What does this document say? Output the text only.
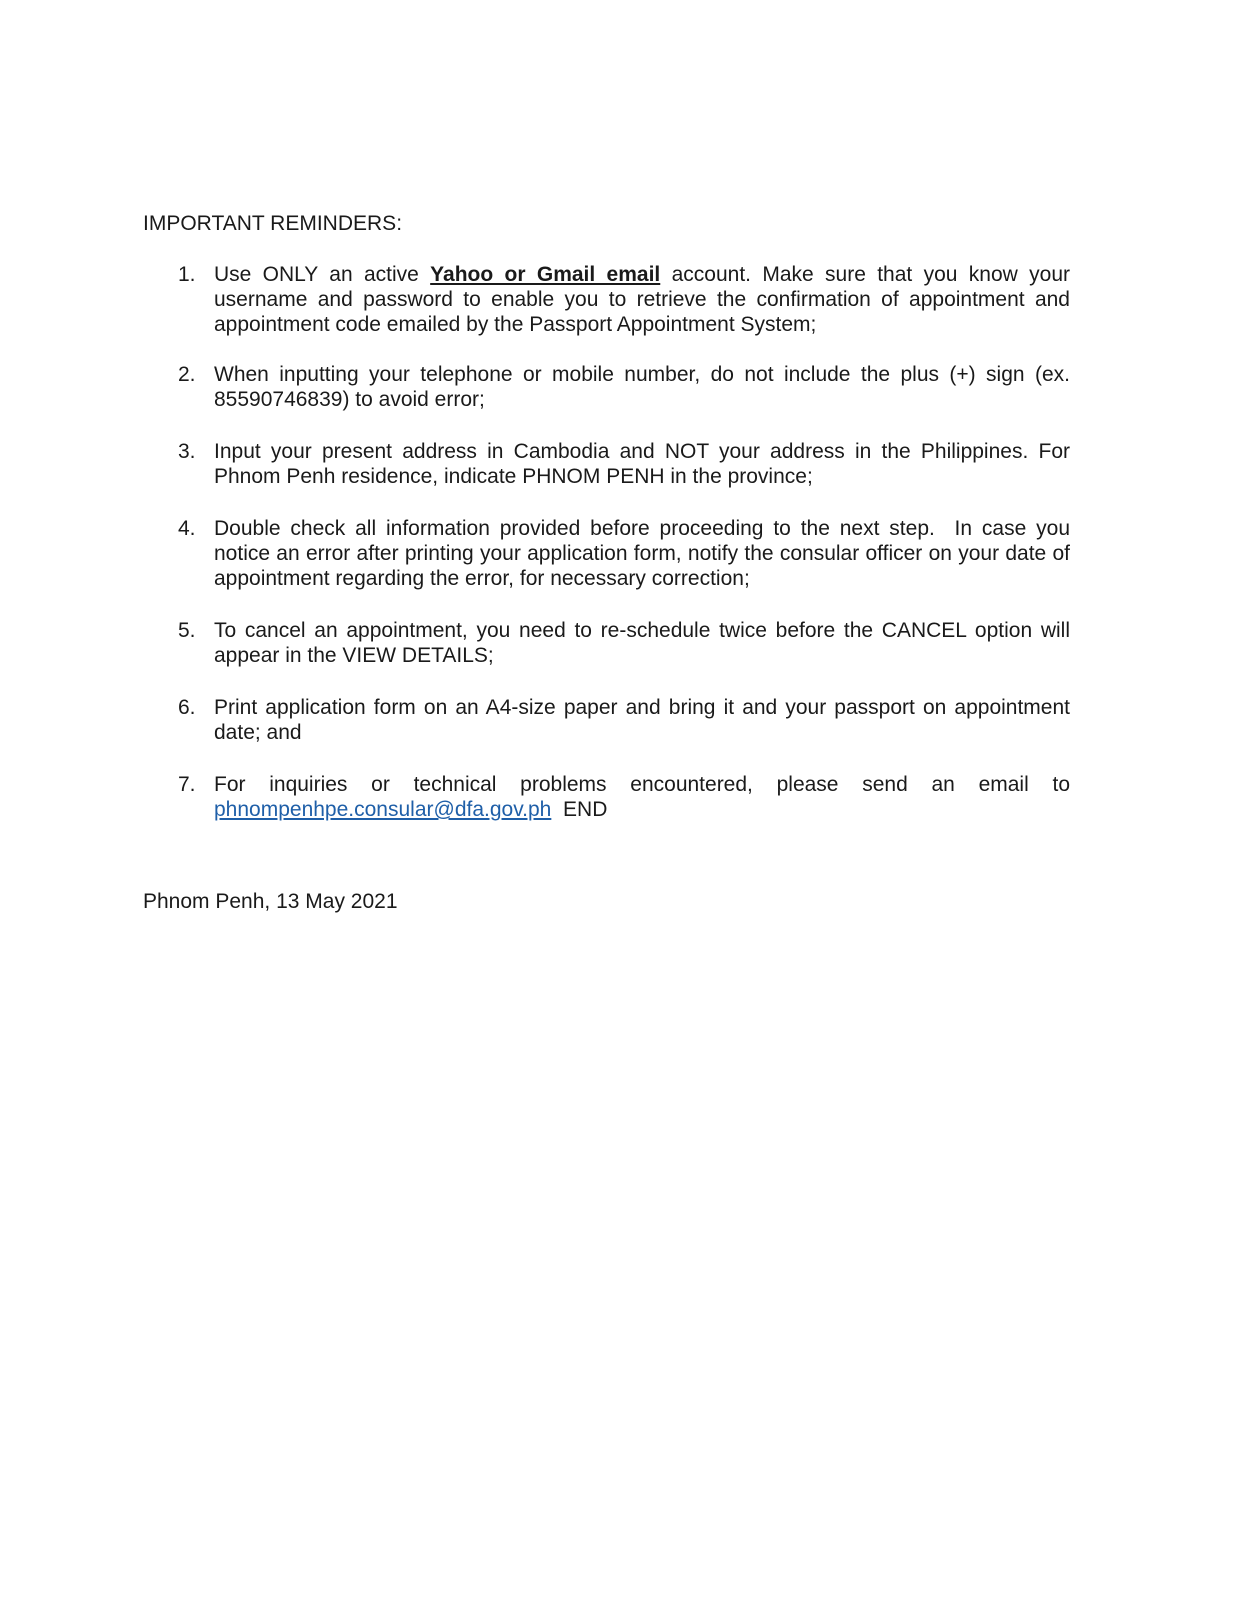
IMPORTANT REMINDERS:

1. Use ONLY an active Yahoo or Gmail email account. Make sure that you know your username and password to enable you to retrieve the confirmation of appointment and appointment code emailed by the Passport Appointment System;
2. When inputting your telephone or mobile number, do not include the plus (+) sign (ex. 85590746839) to avoid error;
3. Input your present address in Cambodia and NOT your address in the Philippines. For Phnom Penh residence, indicate PHNOM PENH in the province;
4. Double check all information provided before proceeding to the next step.  In case you notice an error after printing your application form, notify the consular officer on your date of appointment regarding the error, for necessary correction;
5. To cancel an appointment, you need to re-schedule twice before the CANCEL option will appear in the VIEW DETAILS;
6. Print application form on an A4-size paper and bring it and your passport on appointment date; and
7. For inquiries or technical problems encountered, please send an email to phnompenhpe.consular@dfa.gov.ph END

Phnom Penh, 13 May 2021
